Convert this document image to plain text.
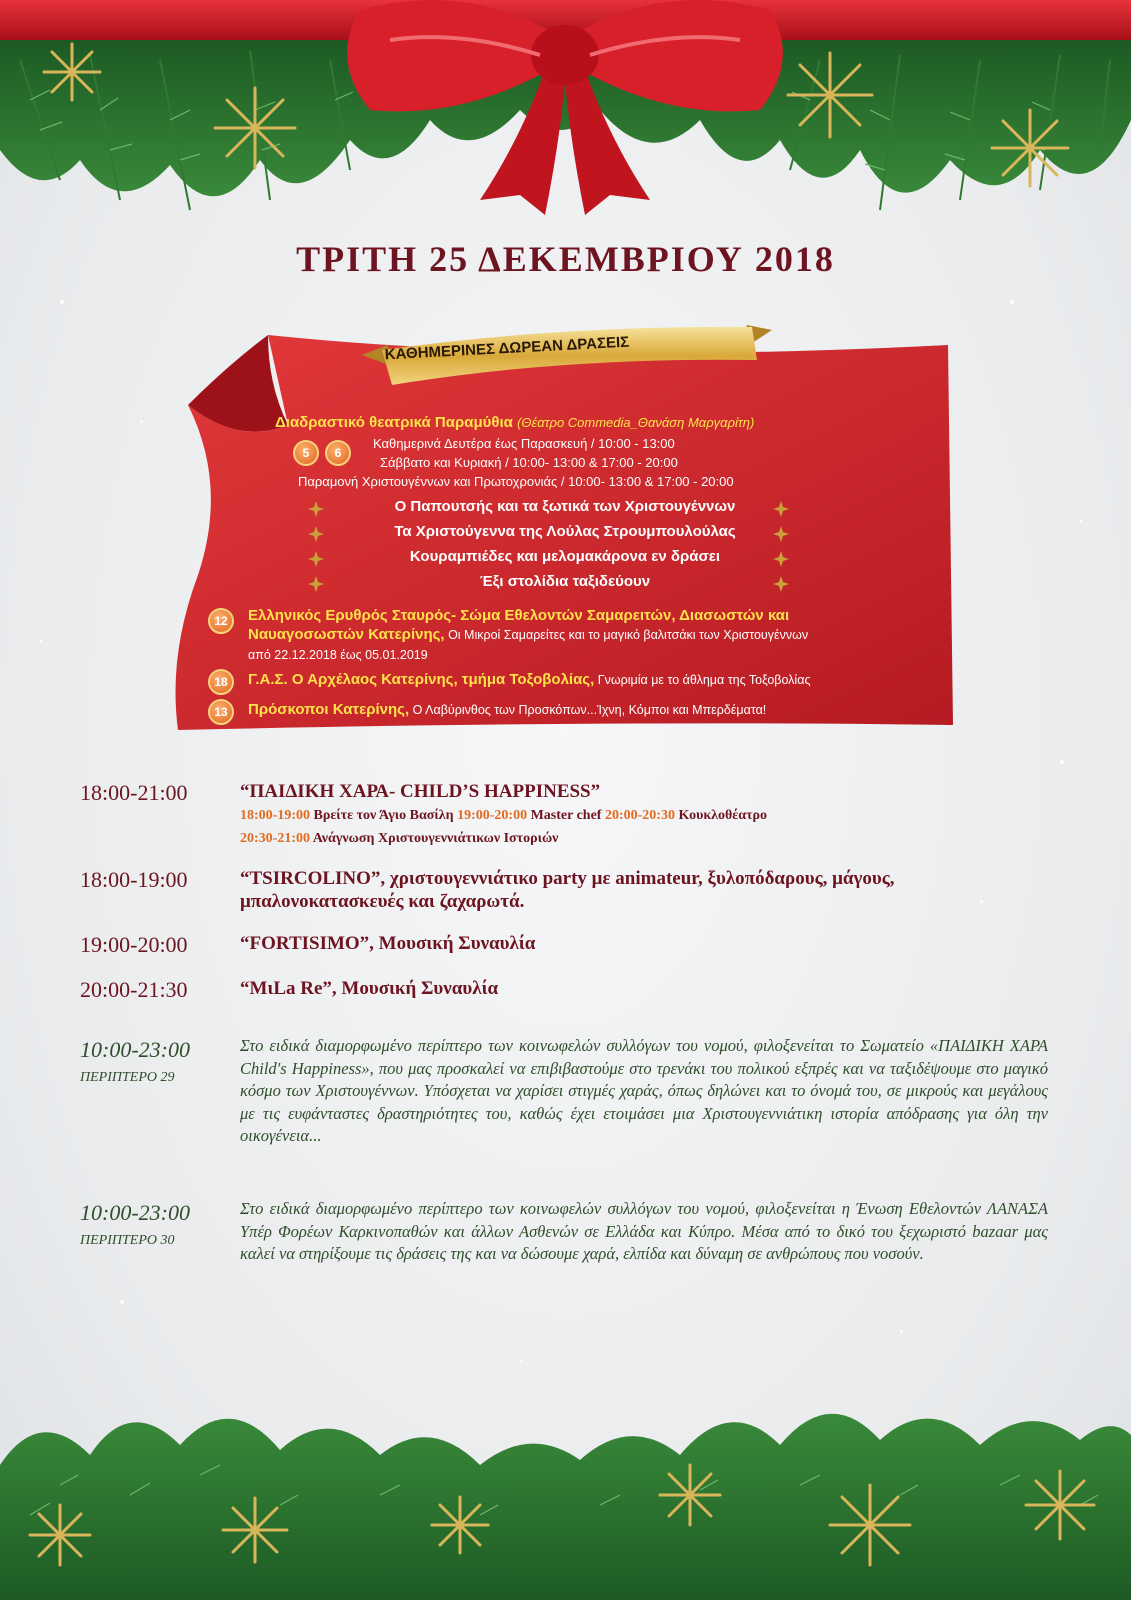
ΤΡΙΤΗ 25 ΔΕΚΕΜΒΡΙΟΥ 2018
ΚΑΘΗΜΕΡΙΝΕΣ ΔΩΡΕΑΝ ΔΡΑΣΕΙΣ
Διαδραστικό θεατρικά Παραμύθια (Θέατρο Commedia_Θανάση Μαργαρίτη)
5	6
Καθημερινά Δευτέρα έως Παρασκευή / 10:00 - 13:00
Σάββατο και Κυριακή / 10:00- 13:00 & 17:00 - 20:00
Παραμονή Χριστουγέννων και Πρωτοχρονιάς / 10:00- 13:00 & 17:00 - 20:00
Ο Παπουτσής και τα ξωτικά των Χριστουγέννων
Τα Χριστούγεννα της Λούλας Στρουμπουλούλας
Κουραμπιέδες και μελομακάρονα εν δράσει
Έξι στολίδια ταξιδεύουν
12	Ελληνικός Ερυθρός Σταυρός- Σώμα Εθελοντών Σαμαρειτών, Διασωστών και
Ναυαγοσωστών Κατερίνης, Οι Μικροί Σαμαρείτες και το μαγικό βαλιτσάκι των Χριστουγέννων
από 22.12.2018 έως 05.01.2019
18	Γ.Α.Σ. Ο Αρχέλαος Κατερίνης, τμήμα Τοξοβολίας, Γνωριμία με το άθλημα της Τοξοβολίας
13	Πρόσκοποι Κατερίνης, Ο Λαβύρινθος των Προσκόπων...Ίχνη, Κόμποι και Μπερδέματα!
18:00-21:00	“ΠΑΙΔΙΚΗ ΧΑΡΑ- CHILD’S HAPPINESS”
18:00-19:00 Βρείτε τον Άγιο Βασίλη 19:00-20:00 Master chef 20:00-20:30 Κουκλοθέατρο
20:30-21:00 Ανάγνωση Χριστουγεννιάτικων Ιστοριών
18:00-19:00	“TSIRCOLINO”, χριστουγεννιάτικο party με animateur, ξυλοπόδαρους, μάγους, μπαλονοκατασκευές και ζαχαρωτά.
19:00-20:00	“FORTISIMO”, Μουσική Συναυλία
20:00-21:30	“MιLa Re”, Μουσική Συναυλία
10:00-23:00
ΠΕΡΙΠΤΕΡΟ 29
Στο ειδικά διαμορφωμένο περίπτερο των κοινωφελών συλλόγων του νομού, φιλοξενείται το Σωματείο «ΠΑΙΔΙΚΗ ΧΑΡΑ Child's Happiness», που μας προσκαλεί να επιβιβαστούμε στο τρενάκι του πολικού εξπρές και να ταξιδέψουμε στο μαγικό κόσμο των Χριστουγέννων. Υπόσχεται να χαρίσει στιγμές χαράς, όπως δηλώνει και το όνομά του, σε μικρούς και μεγάλους με τις ευφάνταστες δραστηριότητες του, καθώς έχει ετοιμάσει μια Χριστουγεννιάτικη ιστορία απόδρασης για όλη την οικογένεια...
10:00-23:00
ΠΕΡΙΠΤΕΡΟ 30
Στο ειδικά διαμορφωμένο περίπτερο των κοινωφελών συλλόγων του νομού, φιλοξενείται η Ένωση Εθελοντών ΛΑΝΑΣΑ Υπέρ Φορέων Καρκινοπαθών και άλλων Ασθενών σε Ελλάδα και Κύπρο. Μέσα από το δικό του ξεχωριστό bazaar μας καλεί να στηρίξουμε τις δράσεις της και να δώσουμε χαρά, ελπίδα και δύναμη σε ανθρώπους που νοσούν.
